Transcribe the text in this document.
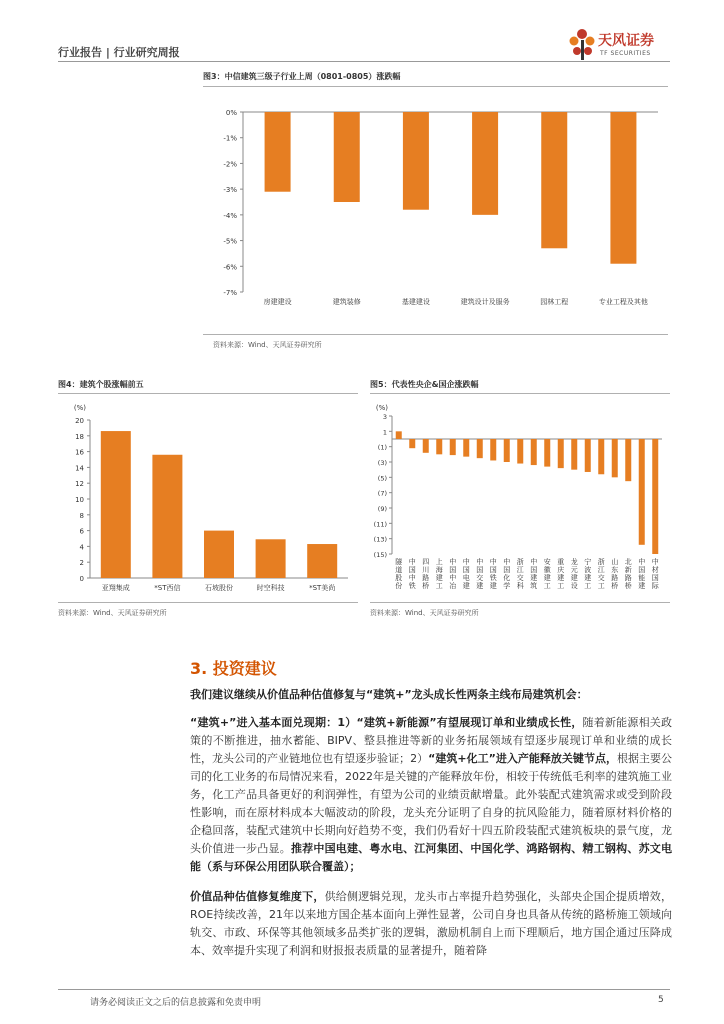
行业报告 | 行业研究周报
天风证券
TF SECURITIES
图3：中信建筑三级子行业上周（0801-0805）涨跌幅
0%
-1%
-2%
-3%
-4%
-5%
-6%
-7%
房建建设	建筑装修	基建建设	建筑设计及服务	园林工程	专业工程及其他
资料来源：Wind、天风证券研究所
图4：建筑个股涨幅前五
(%)
20
18
16
14
12
10
8
6
4
2
0
亚翔集成	*ST西信	石坡股份	时空科技	*ST美尚
资料来源：Wind、天风证券研究所
图5：代表性央企&国企涨跌幅
(%)
3
1
(1)
(3)
(5)
(7)
(9)
(11)
(13)
(15)
隧道股份
中国中铁
四川路桥
上海建工
中国中冶
中国电建
中国交建
中国铁建
中国化学
浙江交科
中国建筑
安徽建工
重庆建工
龙元建设
宁波建工
浙江交工
山东路桥
北新路桥
中国能建
中材国际
资料来源：Wind、天风证券研究所
3. 投资建议
我们建议继续从价值品种估值修复与“建筑+”龙头成长性两条主线布局建筑机会：
“建筑+”进入基本面兑现期：1）“建筑+新能源”有望展现订单和业绩成长性，随着新能源相关政策的不断推进，抽水蓄能、BIPV、整县推进等新的业务拓展领域有望逐步展现订单和业绩的成长性，龙头公司的产业链地位也有望逐步验证；2）“建筑+化工”进入产能释放关键节点，根据主要公司的化工业务的布局情况来看，2022年是关键的产能释放年份，相较于传统低毛利率的建筑施工业务，化工产品具备更好的利润弹性，有望为公司的业绩贡献增量。此外装配式建筑需求或受到阶段性影响，而在原材料成本大幅波动的阶段，龙头充分证明了自身的抗风险能力，随着原材料价格的企稳回落，装配式建筑中长期向好趋势不变，我们仍看好十四五阶段装配式建筑板块的景气度，龙头价值进一步凸显。推荐中国电建、粤水电、江河集团、中国化学、鸿路钢构、精工钢构、苏文电能（系与环保公用团队联合覆盖）；
价值品种估值修复维度下，供给侧逻辑兑现，龙头市占率提升趋势强化，头部央企国企提质增效，ROE持续改善，21年以来地方国企基本面向上弹性显著，公司自身也具备从传统的路桥施工领域向轨交、市政、环保等其他领域多品类扩张的逻辑，激励机制自上而下理顺后，地方国企通过压降成本、效率提升实现了利润和财报报表质量的显著提升，随着降
请务必阅读正文之后的信息披露和免责申明	5
